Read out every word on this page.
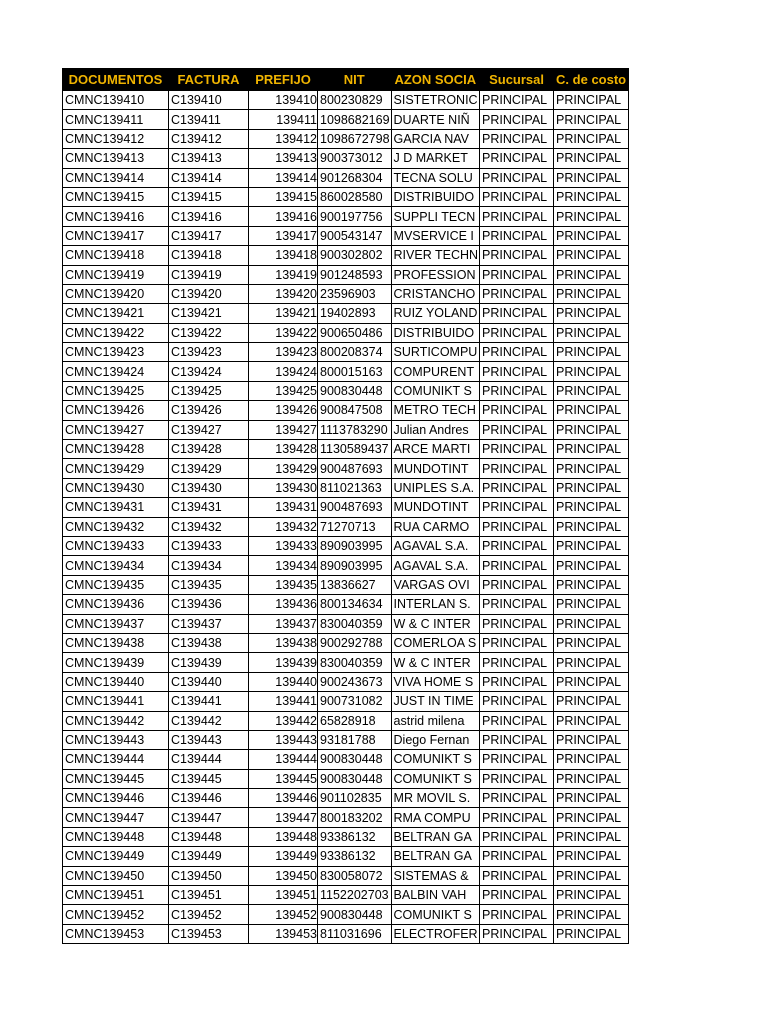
DOCUMENTOS	FACTURA	PREFIJO	NIT	AZON SOCIA	Sucursal	C. de costo
CMNC139410	C139410	139410	800230829	SISTETRONIC	PRINCIPAL	PRINCIPAL
CMNC139411	C139411	139411	1098682169	DUARTE NIÑ	PRINCIPAL	PRINCIPAL
CMNC139412	C139412	139412	1098672798	GARCIA NAV	PRINCIPAL	PRINCIPAL
CMNC139413	C139413	139413	900373012	J D MARKET	PRINCIPAL	PRINCIPAL
CMNC139414	C139414	139414	901268304	TECNA SOLU	PRINCIPAL	PRINCIPAL
CMNC139415	C139415	139415	860028580	DISTRIBUIDO	PRINCIPAL	PRINCIPAL
CMNC139416	C139416	139416	900197756	SUPPLI TECN	PRINCIPAL	PRINCIPAL
CMNC139417	C139417	139417	900543147	MVSERVICE I	PRINCIPAL	PRINCIPAL
CMNC139418	C139418	139418	900302802	RIVER TECHN	PRINCIPAL	PRINCIPAL
CMNC139419	C139419	139419	901248593	PROFESSION	PRINCIPAL	PRINCIPAL
CMNC139420	C139420	139420	23596903	CRISTANCHO	PRINCIPAL	PRINCIPAL
CMNC139421	C139421	139421	19402893	RUIZ YOLAND	PRINCIPAL	PRINCIPAL
CMNC139422	C139422	139422	900650486	DISTRIBUIDO	PRINCIPAL	PRINCIPAL
CMNC139423	C139423	139423	800208374	SURTICOMPU	PRINCIPAL	PRINCIPAL
CMNC139424	C139424	139424	800015163	COMPURENT	PRINCIPAL	PRINCIPAL
CMNC139425	C139425	139425	900830448	COMUNIKT S	PRINCIPAL	PRINCIPAL
CMNC139426	C139426	139426	900847508	METRO TECH	PRINCIPAL	PRINCIPAL
CMNC139427	C139427	139427	1113783290	Julian Andres	PRINCIPAL	PRINCIPAL
CMNC139428	C139428	139428	1130589437	ARCE MARTI	PRINCIPAL	PRINCIPAL
CMNC139429	C139429	139429	900487693	MUNDOTINT	PRINCIPAL	PRINCIPAL
CMNC139430	C139430	139430	811021363	UNIPLES S.A.	PRINCIPAL	PRINCIPAL
CMNC139431	C139431	139431	900487693	MUNDOTINT	PRINCIPAL	PRINCIPAL
CMNC139432	C139432	139432	71270713	RUA CARMO	PRINCIPAL	PRINCIPAL
CMNC139433	C139433	139433	890903995	AGAVAL S.A.	PRINCIPAL	PRINCIPAL
CMNC139434	C139434	139434	890903995	AGAVAL S.A.	PRINCIPAL	PRINCIPAL
CMNC139435	C139435	139435	13836627	VARGAS OVI	PRINCIPAL	PRINCIPAL
CMNC139436	C139436	139436	800134634	INTERLAN S.	PRINCIPAL	PRINCIPAL
CMNC139437	C139437	139437	830040359	W & C INTER	PRINCIPAL	PRINCIPAL
CMNC139438	C139438	139438	900292788	COMERLOA S	PRINCIPAL	PRINCIPAL
CMNC139439	C139439	139439	830040359	W & C INTER	PRINCIPAL	PRINCIPAL
CMNC139440	C139440	139440	900243673	VIVA HOME S	PRINCIPAL	PRINCIPAL
CMNC139441	C139441	139441	900731082	JUST IN TIME	PRINCIPAL	PRINCIPAL
CMNC139442	C139442	139442	65828918	astrid milena	PRINCIPAL	PRINCIPAL
CMNC139443	C139443	139443	93181788	Diego Fernan	PRINCIPAL	PRINCIPAL
CMNC139444	C139444	139444	900830448	COMUNIKT S	PRINCIPAL	PRINCIPAL
CMNC139445	C139445	139445	900830448	COMUNIKT S	PRINCIPAL	PRINCIPAL
CMNC139446	C139446	139446	901102835	MR MOVIL S.	PRINCIPAL	PRINCIPAL
CMNC139447	C139447	139447	800183202	RMA COMPU	PRINCIPAL	PRINCIPAL
CMNC139448	C139448	139448	93386132	BELTRAN GA	PRINCIPAL	PRINCIPAL
CMNC139449	C139449	139449	93386132	BELTRAN GA	PRINCIPAL	PRINCIPAL
CMNC139450	C139450	139450	830058072	SISTEMAS &	PRINCIPAL	PRINCIPAL
CMNC139451	C139451	139451	1152202703	BALBIN VAH	PRINCIPAL	PRINCIPAL
CMNC139452	C139452	139452	900830448	COMUNIKT S	PRINCIPAL	PRINCIPAL
CMNC139453	C139453	139453	811031696	ELECTROFER	PRINCIPAL	PRINCIPAL
